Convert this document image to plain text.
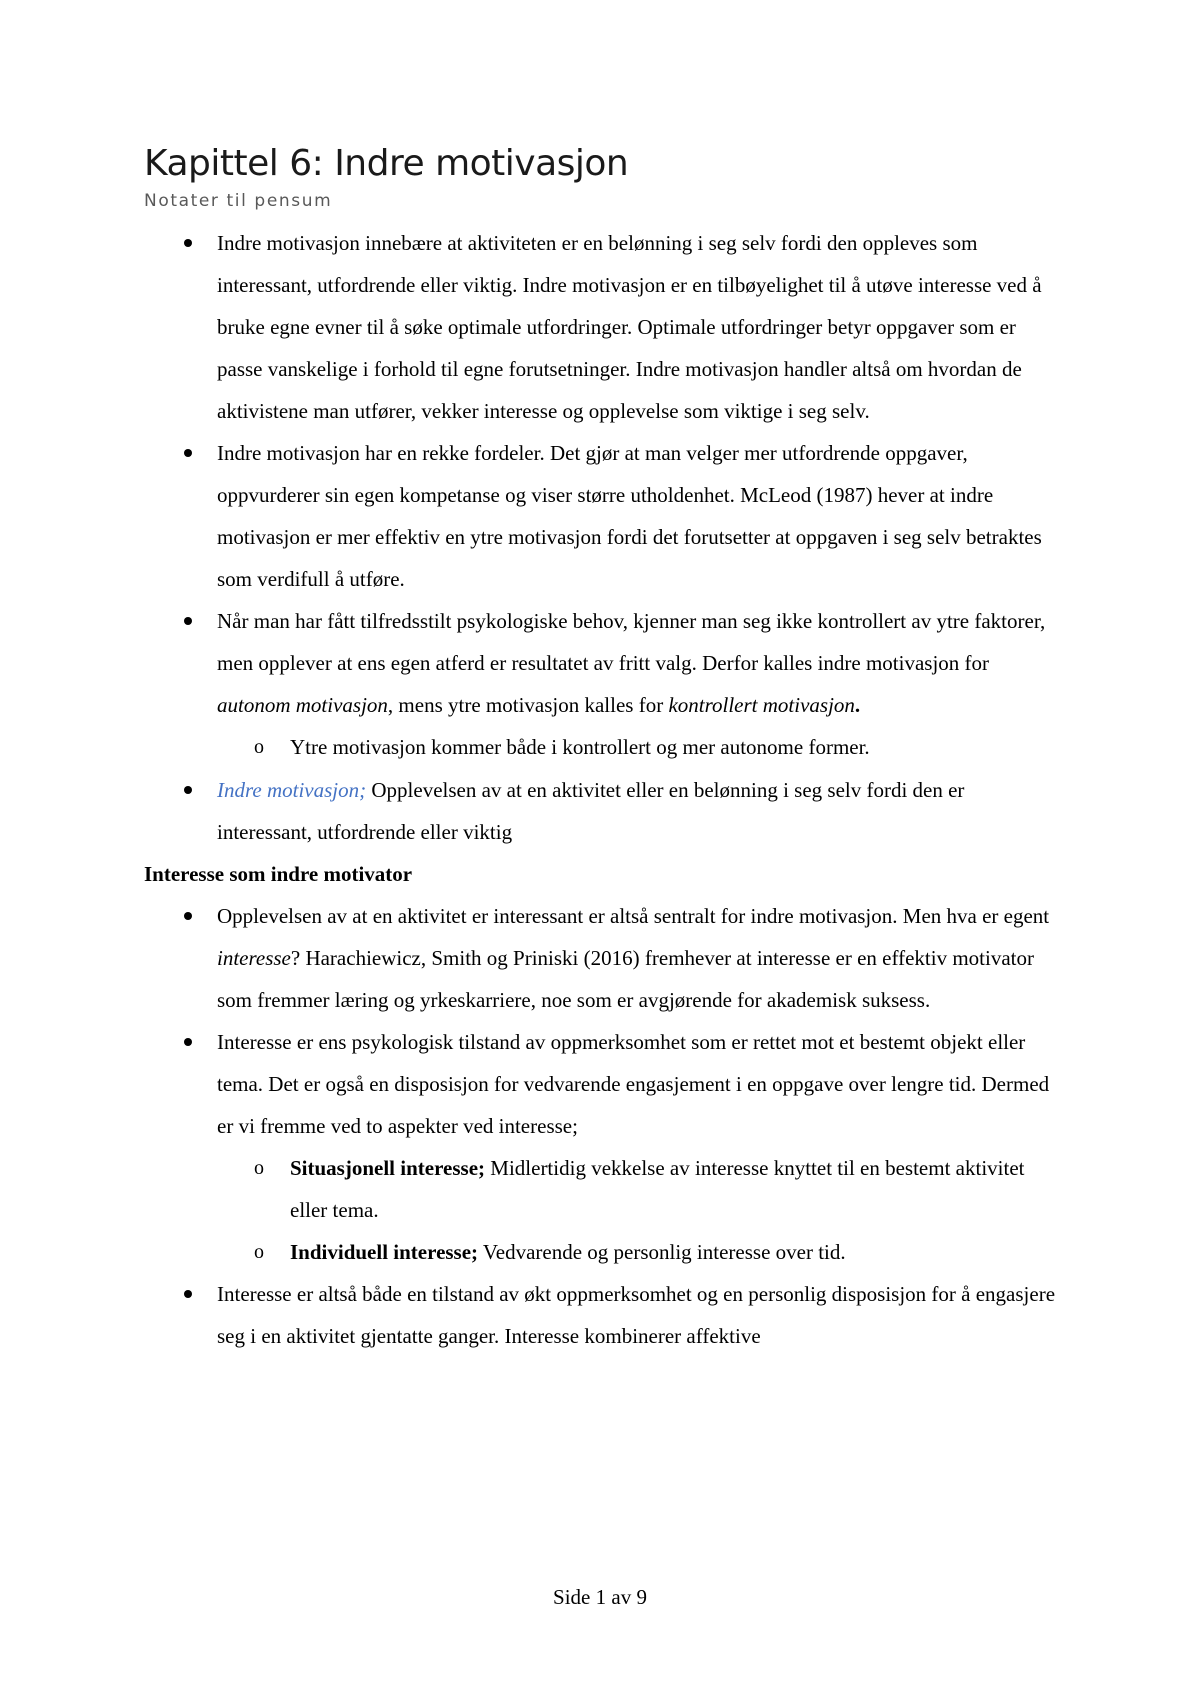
Kapittel 6: Indre motivasjon

Notater til pensum

Indre motivasjon innebære at aktiviteten er en belønning i seg selv fordi den oppleves som interessant, utfordrende eller viktig. Indre motivasjon er en tilbøyelighet til å utøve interesse ved å bruke egne evner til å søke optimale utfordringer. Optimale utfordringer betyr oppgaver som er passe vanskelige i forhold til egne forutsetninger. Indre motivasjon handler altså om hvordan de aktivistene man utfører, vekker interesse og opplevelse som viktige i seg selv.
Indre motivasjon har en rekke fordeler. Det gjør at man velger mer utfordrende oppgaver, oppvurderer sin egen kompetanse og viser større utholdenhet. McLeod (1987) hever at indre motivasjon er mer effektiv en ytre motivasjon fordi det forutsetter at oppgaven i seg selv betraktes som verdifull å utføre.
Når man har fått tilfredsstilt psykologiske behov, kjenner man seg ikke kontrollert av ytre faktorer, men opplever at ens egen atferd er resultatet av fritt valg. Derfor kalles indre motivasjon for autonom motivasjon, mens ytre motivasjon kalles for kontrollert motivasjon.
o Ytre motivasjon kommer både i kontrollert og mer autonome former.
Indre motivasjon; Opplevelsen av at en aktivitet eller en belønning i seg selv fordi den er interessant, utfordrende eller viktig

Interesse som indre motivator

Opplevelsen av at en aktivitet er interessant er altså sentralt for indre motivasjon. Men hva er egent interesse? Harachiewicz, Smith og Priniski (2016) fremhever at interesse er en effektiv motivator som fremmer læring og yrkeskarriere, noe som er avgjørende for akademisk suksess.
Interesse er ens psykologisk tilstand av oppmerksomhet som er rettet mot et bestemt objekt eller tema. Det er også en disposisjon for vedvarende engasjement i en oppgave over lengre tid. Dermed er vi fremme ved to aspekter ved interesse;
o Situasjonell interesse; Midlertidig vekkelse av interesse knyttet til en bestemt aktivitet eller tema.
o Individuell interesse; Vedvarende og personlig interesse over tid.
Interesse er altså både en tilstand av økt oppmerksomhet og en personlig disposisjon for å engasjere seg i en aktivitet gjentatte ganger. Interesse kombinerer affektive
Side 1 av 9
